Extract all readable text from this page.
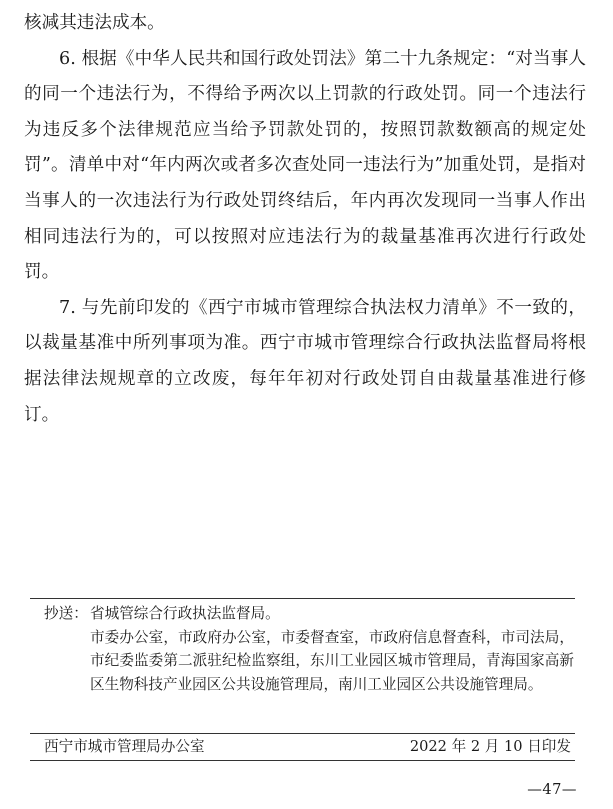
核减其违法成本。

6. 根据《中华人民共和国行政处罚法》第二十九条规定：“对当事人的同一个违法行为，不得给予两次以上罚款的行政处罚。同一个违法行为违反多个法律规范应当给予罚款处罚的，按照罚款数额高的规定处罚”。清单中对“年内两次或者多次查处同一违法行为”加重处罚，是指对当事人的一次违法行为行政处罚终结后，年内再次发现同一当事人作出相同违法行为的，可以按照对应违法行为的裁量基准再次进行行政处罚。

7. 与先前印发的《西宁市城市管理综合执法权力清单》不一致的，以裁量基准中所列事项为准。西宁市城市管理综合行政执法监督局将根据法律法规规章的立改废，每年年初对行政处罚自由裁量基准进行修订。

抄送： 省城管综合行政执法监督局。

市委办公室，市政府办公室，市委督查室，市政府信息督查科，市司法局，市纪委监委第二派驻纪检监察组，东川工业园区城市管理局，青海国家高新区生物科技产业园区公共设施管理局，南川工业园区公共设施管理局。

西宁市城市管理局办公室	2022 年 2 月 10 日印发
—47—
